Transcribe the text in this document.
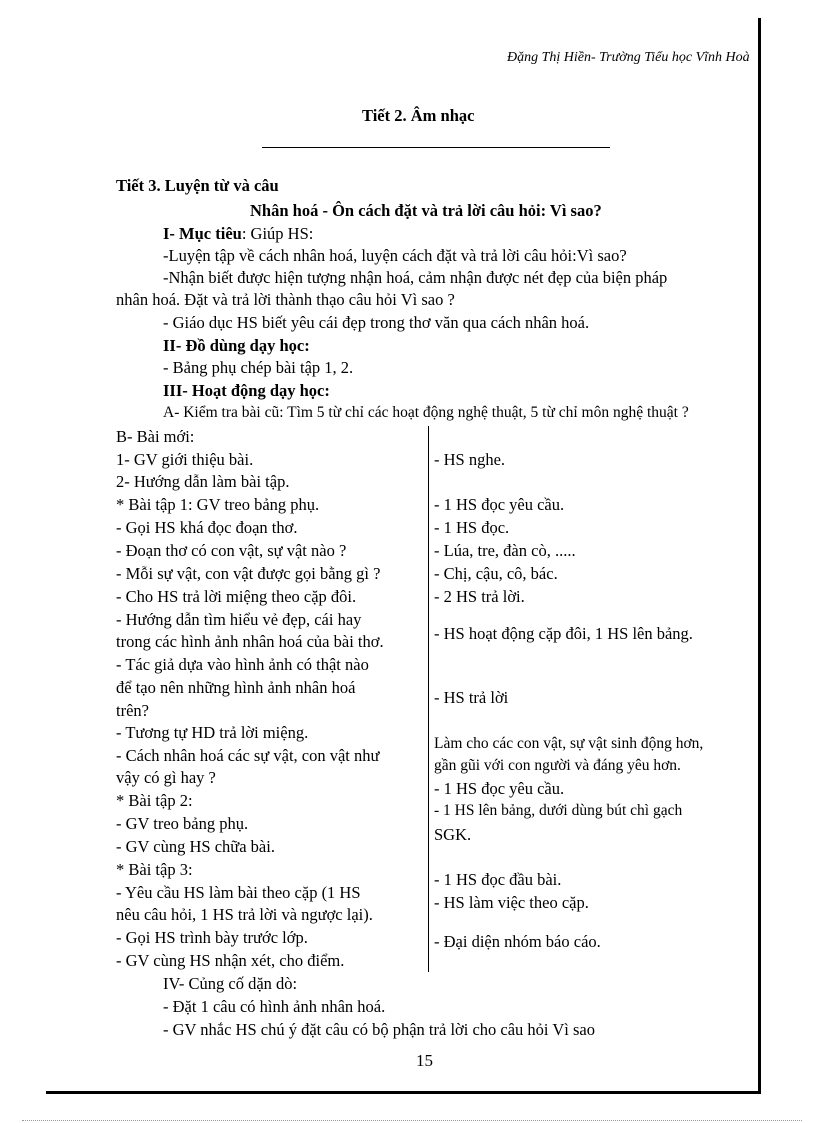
Đặng Thị Hiền- Trường Tiểu học Vĩnh Hoà
Tiết 2. Âm nhạc
Tiết 3. Luyện từ và câu
Nhân hoá - Ôn cách đặt và trả lời câu hỏi: Vì sao?
I- Mục tiêu: Giúp HS:
-Luyện tập về cách nhân hoá, luyện cách đặt và trả lời câu hỏi:Vì sao?
-Nhận biết được hiện tượng nhận hoá, cảm nhận được nét đẹp của biện pháp
nhân hoá. Đặt và trả lời thành thạo câu hỏi Vì sao ?
- Giáo dục HS biết yêu cái đẹp trong thơ văn qua cách nhân hoá.
II- Đồ dùng dạy học:
- Bảng phụ chép bài tập 1, 2.
III- Hoạt động dạy học:
A- Kiểm tra bài cũ: Tìm 5 từ chỉ các hoạt động nghệ thuật, 5 từ chỉ môn nghệ thuật ?
B- Bài mới:
1- GV giới thiệu bài.
2- Hướng dẫn làm bài tập.
* Bài tập 1: GV treo bảng phụ.
- Gọi HS khá đọc đoạn thơ.
- Đoạn thơ có con vật, sự vật nào ?
- Mỗi sự vật, con vật được gọi bằng gì ?
- Cho HS trả lời miệng theo cặp đôi.
- Hướng dẫn tìm hiểu vẻ đẹp, cái hay
trong các hình ảnh nhân hoá của bài thơ.
- Tác giả dựa vào hình ảnh có thật nào
để tạo nên những hình ảnh nhân hoá
trên?
- Tương tự HD trả lời miệng.
- Cách nhân hoá các sự vật, con vật như
vậy có gì hay ?
* Bài tập 2:
- GV treo bảng phụ.
- GV cùng HS chữa bài.
* Bài tập 3:
- Yêu cầu HS làm bài theo cặp (1 HS
nêu câu hỏi, 1 HS trả lời và ngược lại).
- Gọi HS trình bày trước lớp.
- GV cùng HS nhận xét, cho điểm.
- HS nghe.
- 1 HS đọc yêu cầu.
- 1 HS đọc.
- Lúa, tre, đàn cò, .....
- Chị, cậu, cô, bác.
- 2 HS trả lời.
- HS hoạt động cặp đôi, 1 HS lên bảng.
- HS trả lời
Làm cho các con vật, sự vật sinh động hơn,
gần gũi với con người và đáng yêu hơn.
- 1 HS đọc yêu cầu.
- 1 HS lên bảng, dưới dùng bút chì gạch
SGK.
- 1 HS đọc đầu bài.
- HS làm việc theo cặp.
- Đại diện nhóm báo cáo.
IV- Củng cố dặn dò:
- Đặt 1 câu có hình ảnh nhân hoá.
- GV nhắc HS chú ý đặt câu có bộ phận trả lời cho câu hỏi Vì sao
15
